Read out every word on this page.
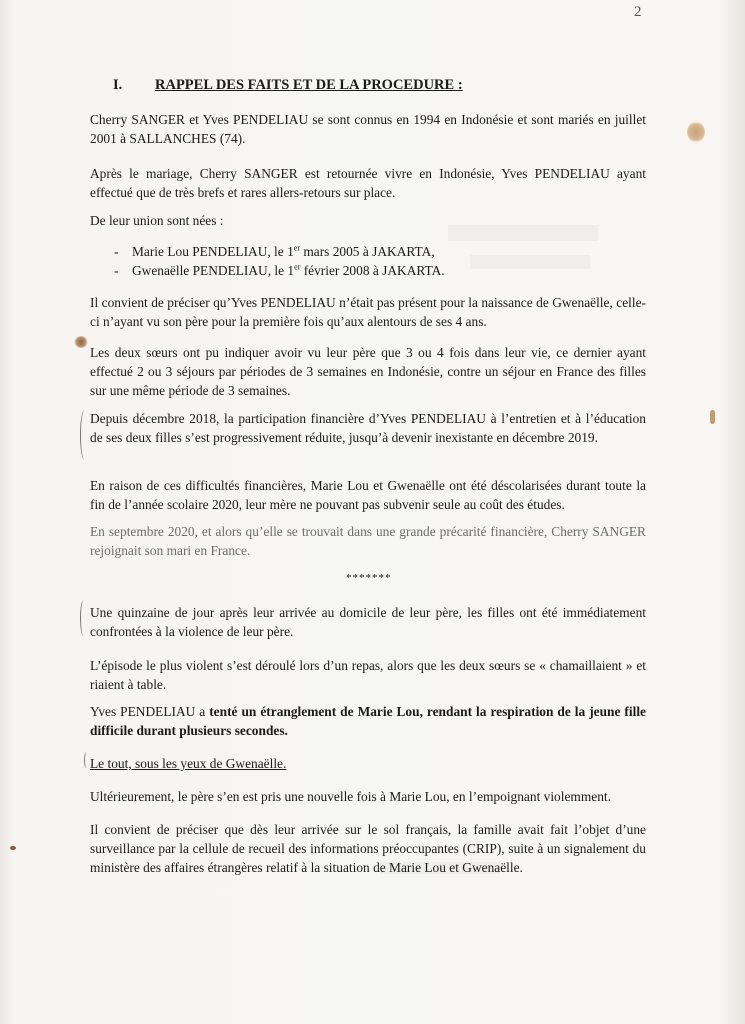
2
I. RAPPEL DES FAITS ET DE LA PROCEDURE :
Cherry SANGER et Yves PENDELIAU se sont connus en 1994 en Indonésie et sont mariés en juillet 2001 à SALLANCHES (74).
Après le mariage, Cherry SANGER est retournée vivre en Indonésie, Yves PENDELIAU ayant effectué que de très brefs et rares allers-retours sur place.
De leur union sont nées :
- Marie Lou PENDELIAU, le 1er mars 2005 à JAKARTA,
- Gwenaëlle PENDELIAU, le 1er février 2008 à JAKARTA.
Il convient de préciser qu’Yves PENDELIAU n’était pas présent pour la naissance de Gwenaëlle, celle-ci n’ayant vu son père pour la première fois qu’aux alentours de ses 4 ans.
Les deux sœurs ont pu indiquer avoir vu leur père que 3 ou 4 fois dans leur vie, ce dernier ayant effectué 2 ou 3 séjours par périodes de 3 semaines en Indonésie, contre un séjour en France des filles sur une même période de 3 semaines.
Depuis décembre 2018, la participation financière d’Yves PENDELIAU à l’entretien et à l’éducation de ses deux filles s’est progressivement réduite, jusqu’à devenir inexistante en décembre 2019.
En raison de ces difficultés financières, Marie Lou et Gwenaëlle ont été déscolarisées durant toute la fin de l’année scolaire 2020, leur mère ne pouvant pas subvenir seule au coût des études.
En septembre 2020, et alors qu’elle se trouvait dans une grande précarité financière, Cherry SANGER rejoignait son mari en France.
*******
Une quinzaine de jour après leur arrivée au domicile de leur père, les filles ont été immédiatement confrontées à la violence de leur père.
L’épisode le plus violent s’est déroulé lors d’un repas, alors que les deux sœurs se « chamaillaient » et riaient à table.
Yves PENDELIAU a tenté un étranglement de Marie Lou, rendant la respiration de la jeune fille difficile durant plusieurs secondes.
Le tout, sous les yeux de Gwenaëlle.
Ultérieurement, le père s’en est pris une nouvelle fois à Marie Lou, en l’empoignant violemment.
Il convient de préciser que dès leur arrivée sur le sol français, la famille avait fait l’objet d’une surveillance par la cellule de recueil des informations préoccupantes (CRIP), suite à un signalement du ministère des affaires étrangères relatif à la situation de Marie Lou et Gwenaëlle.
